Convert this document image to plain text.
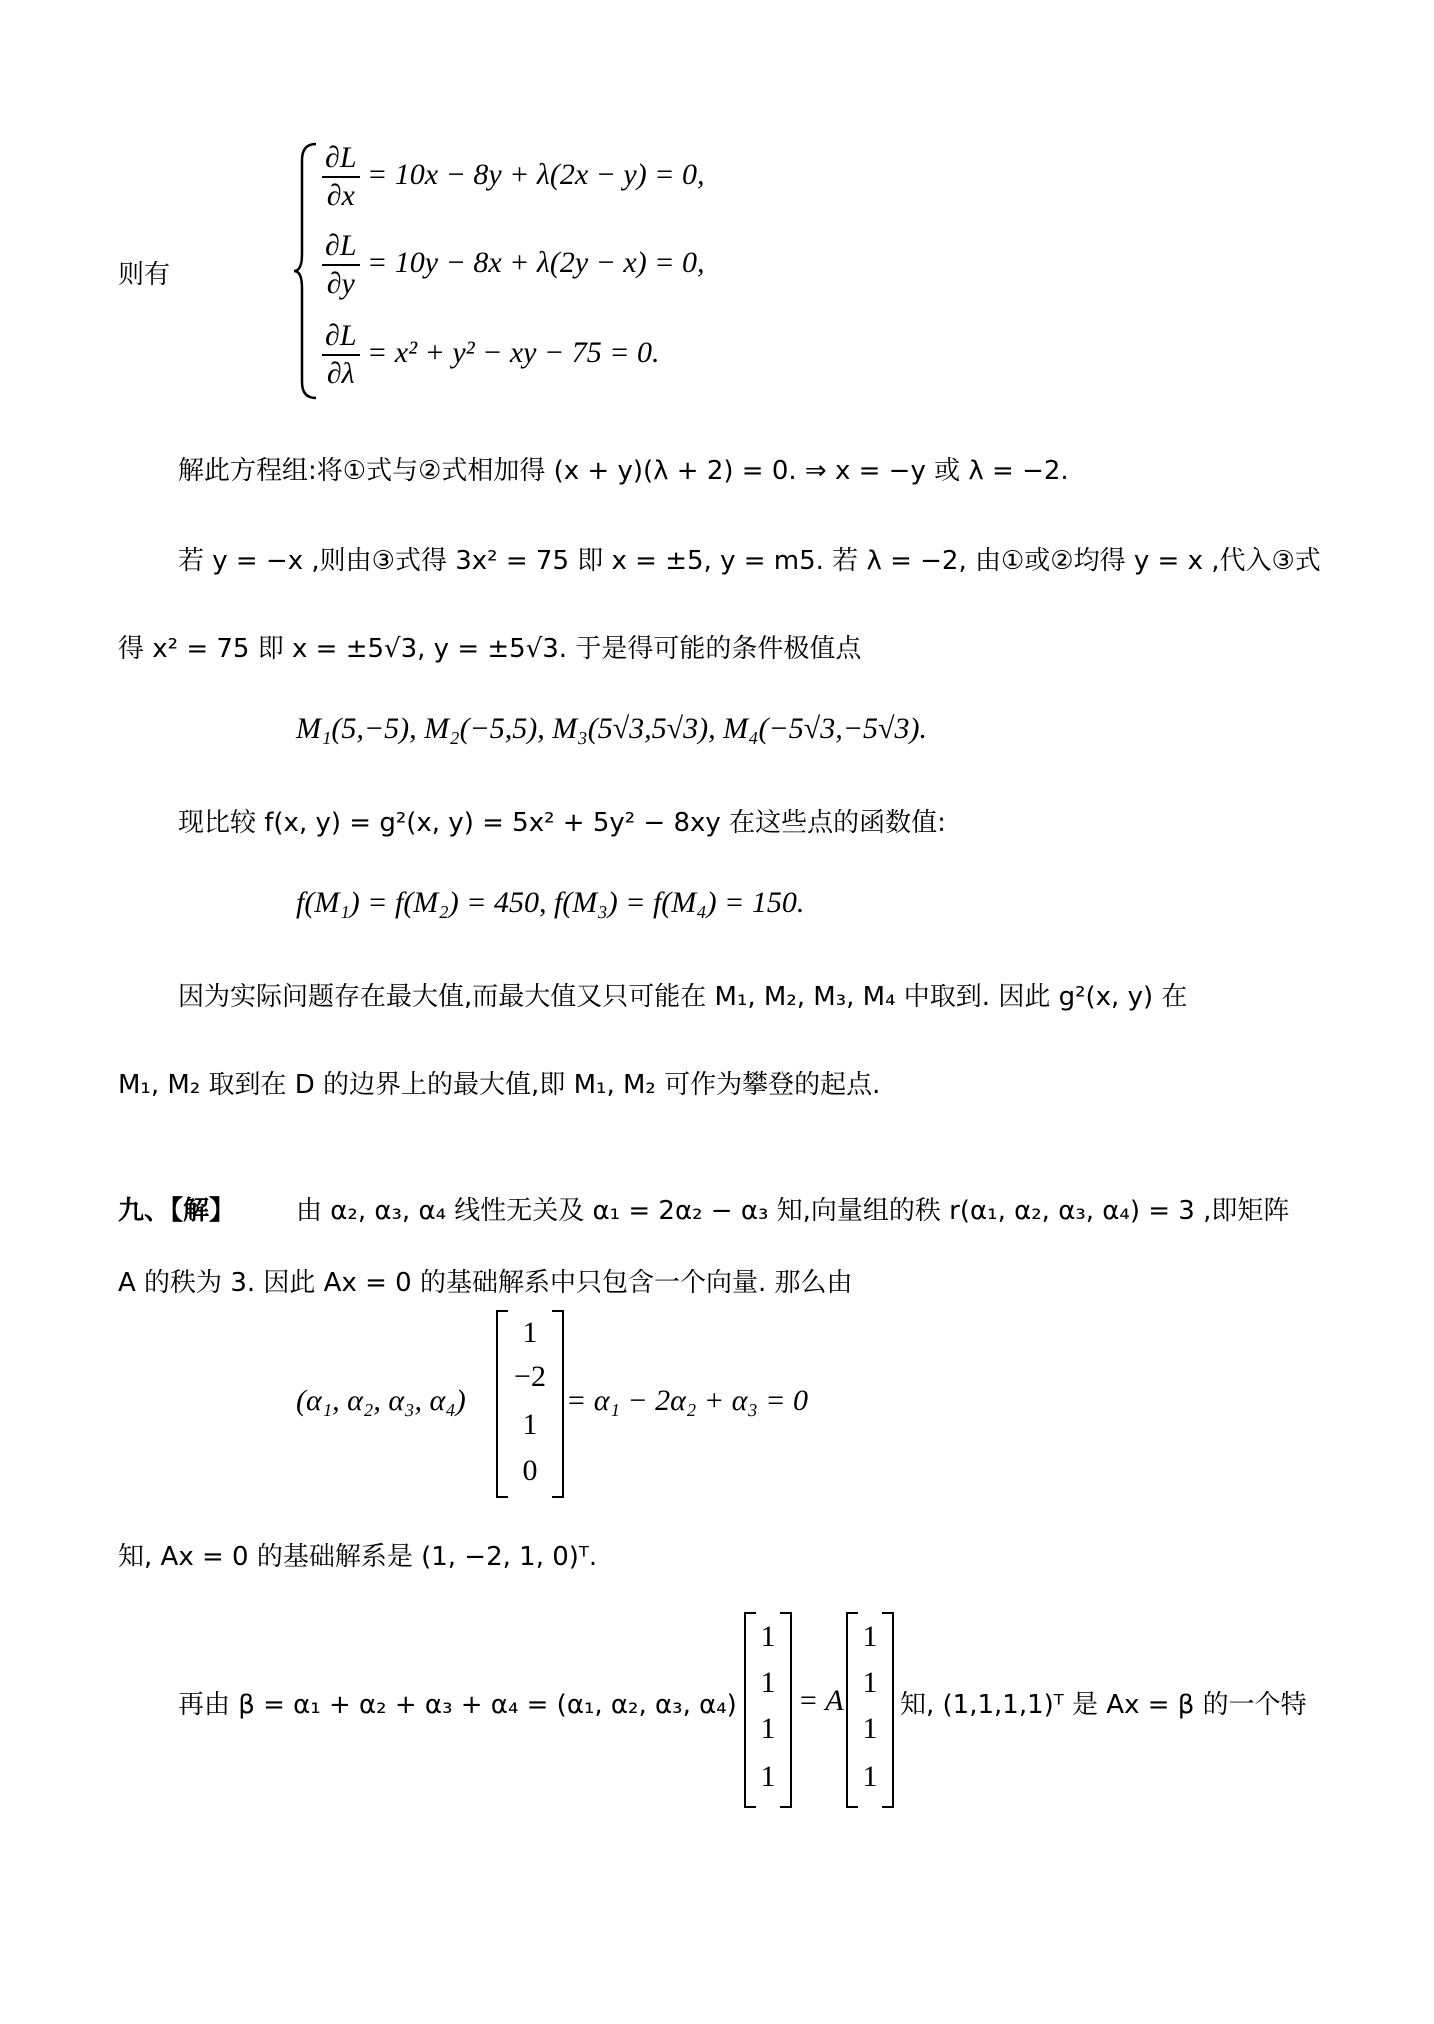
则有
$\frac{\partial L}{\partial x} = 10x - 8y + \lambda(2x - y) = 0$,
$\frac{\partial L}{\partial y} = 10y - 8x + \lambda(2y - x) = 0$,
$\frac{\partial L}{\partial\lambda} = x^2 + y^2$ − xy − 75 = 0.
解此方程组:将①式与②式相加得 (x + y)(λ + 2) = 0. ⇒ x = −y 或 λ = −2.
若 y = −x ,则由③式得 3x² = 75 即 x = ±5, y = m5. 若 λ = −2, 由①或②均得 y = x ,代入③式
得 x² = 75 即 x = ±5√3, y = ±5√3. 于是得可能的条件极值点
M₁(5,−5), M₂(−5,5), M₃(5√3,5√3), M₄(−5√3,−5√3).
现比较 f(x, y) = g²(x, y) = 5x² + 5y² − 8xy 在这些点的函数值:
f(M₁) = f(M₂) = 450, f(M₃) = f(M₄) = 150.
因为实际问题存在最大值,而最大值又只可能在 M₁, M₂, M₃, M₄ 中取到. 因此 g²(x, y) 在
M₁, M₂ 取到在 D 的边界上的最大值,即 M₁, M₂ 可作为攀登的起点.
九、【解】 由 α₂, α₃, α₄ 线性无关及 α₁ = 2α₂ − α₃ 知,向量组的秩 r(α₁, α₂, α₃, α₄) = 3 ,即矩阵
A 的秩为 3. 因此 Ax = 0 的基础解系中只包含一个向量. 那么由
(α₁, α₂, α₃, α₄)
1
−2
1
0
= α₁ − 2α₂ + α₃ = 0
知, Ax = 0 的基础解系是 (1, −2, 1, 0)ᵀ.
再由 β = α₁ + α₂ + α₃ + α₄ = (α₁, α₂, α₃, α₄)
1
1
1
1
= A
1
1
1
1
知, (1,1,1,1)ᵀ 是 Ax = β 的一个特
